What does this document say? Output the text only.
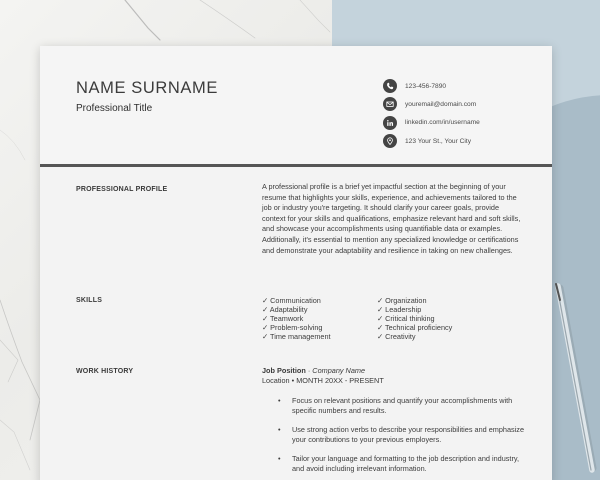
NAME SURNAME
Professional Title
123-456-7890
youremail@domain.com
linkedin.com/in/username
123 Your St., Your City
PROFESSIONAL PROFILE	A professional profile is a brief yet impactful section at the beginning of your resume that highlights your skills, experience, and achievements tailored to the job or industry you're targeting. It should clarify your career goals, provide context for your skills and qualifications, emphasize relevant hard and soft skills, and showcase your accomplishments using quantifiable data or examples. Additionally, it's essential to mention any specialized knowledge or certifications and demonstrate your adaptability and resilience in taking on new challenges.
SKILLS	✓ Communication
✓ Adaptability
✓ Teamwork
✓ Problem-solving
✓ Time management
✓ Organization
✓ Leadership
✓ Critical thinking
✓ Technical proficiency
✓ Creativity
WORK HISTORY	Job Position · Company Name
Location • MONTH 20XX - PRESENT
• Focus on relevant positions and quantify your accomplishments with specific numbers and results.
• Use strong action verbs to describe your responsibilities and emphasize your contributions to your previous employers.
• Tailor your language and formatting to the job description and industry, and avoid including irrelevant information.
